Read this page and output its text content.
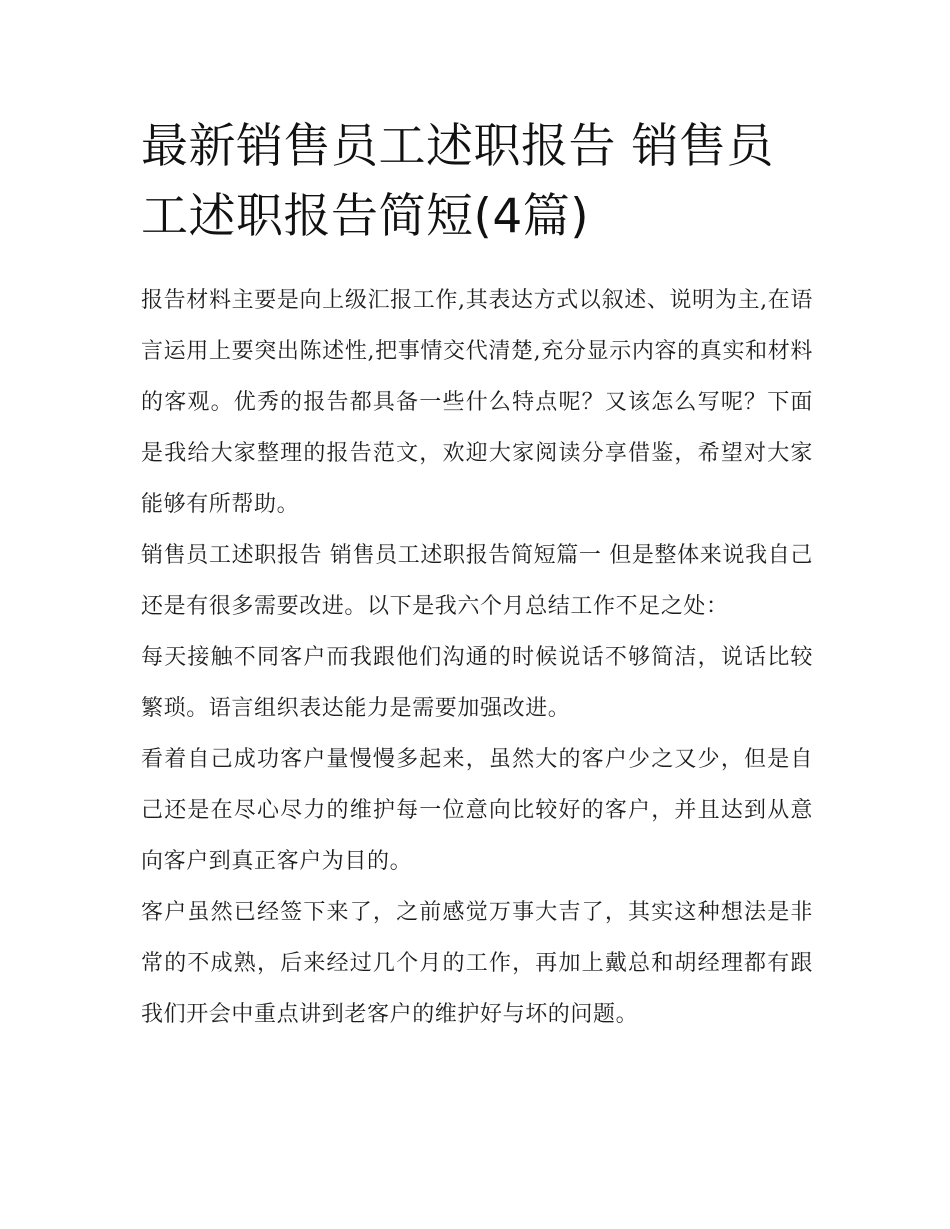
最新销售员工述职报告 销售员工述职报告简短(4篇)

报告材料主要是向上级汇报工作,其表达方式以叙述、说明为主,在语言运用上要突出陈述性,把事情交代清楚,充分显示内容的真实和材料的客观。优秀的报告都具备一些什么特点呢？又该怎么写呢？下面是我给大家整理的报告范文，欢迎大家阅读分享借鉴，希望对大家能够有所帮助。

销售员工述职报告 销售员工述职报告简短篇一 但是整体来说我自己还是有很多需要改进。以下是我六个月总结工作不足之处：

每天接触不同客户而我跟他们沟通的时候说话不够简洁，说话比较繁琐。语言组织表达能力是需要加强改进。

看着自己成功客户量慢慢多起来，虽然大的客户少之又少，但是自己还是在尽心尽力的维护每一位意向比较好的客户，并且达到从意向客户到真正客户为目的。

客户虽然已经签下来了，之前感觉万事大吉了，其实这种想法是非常的不成熟，后来经过几个月的工作，再加上戴总和胡经理都有跟我们开会中重点讲到老客户的维护好与坏的问题。
